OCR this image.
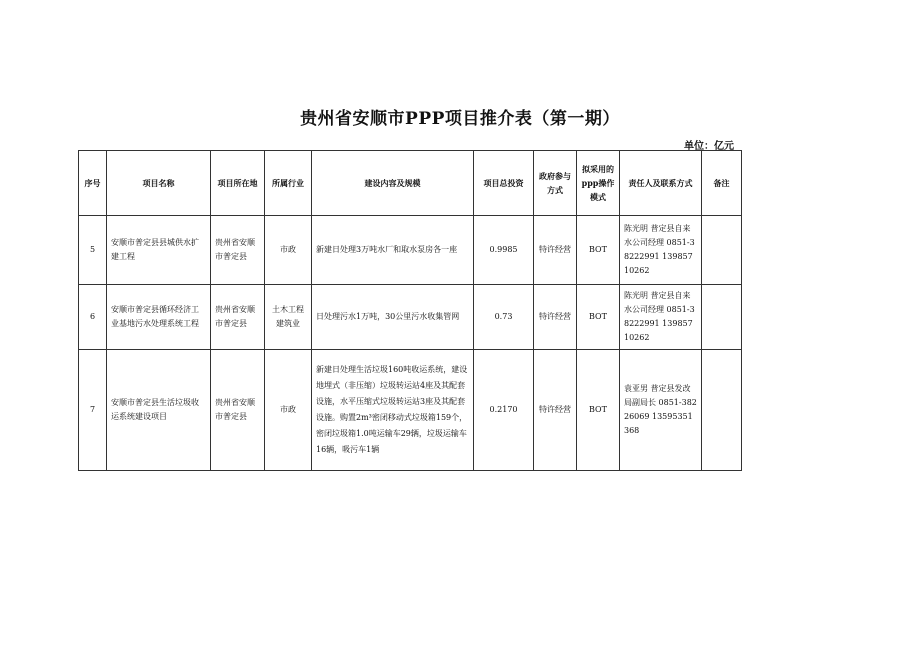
贵州省安顺市PPP项目推介表（第一期）
单位：亿元
序号	项目名称	项目所在地	所属行业	建设内容及规模	项目总投资	政府参与方式	拟采用的ppp操作模式	责任人及联系方式	备注
5	安顺市普定县县城供水扩建工程	贵州省安顺市普定县	市政	新建日处理3万吨水厂和取水泵房各一座	0.9985	特许经营	BOT	陈光明 普定县自来水公司经理 0851-38222991 13985710262	
6	安顺市普定县循环经济工业基地污水处理系统工程	贵州省安顺市普定县	土木工程建筑业	日处理污水1万吨，30公里污水收集管网	0.73	特许经营	BOT	陈光明 普定县自来水公司经理 0851-38222991 13985710262	
7	安顺市普定县生活垃圾收运系统建设项目	贵州省安顺市普定县	市政	新建日处理生活垃圾160吨收运系统，建设地埋式（非压缩）垃圾转运站4座及其配套设施，水平压缩式垃圾转运站3座及其配套设施。购置2m³密闭移动式垃圾箱159个，密闭垃圾箱1.0吨运输车29辆，垃圾运输车16辆，吸污车1辆	0.2170	特许经营	BOT	袁亚男 普定县发改局副局长 0851-38226069 13595351368	
